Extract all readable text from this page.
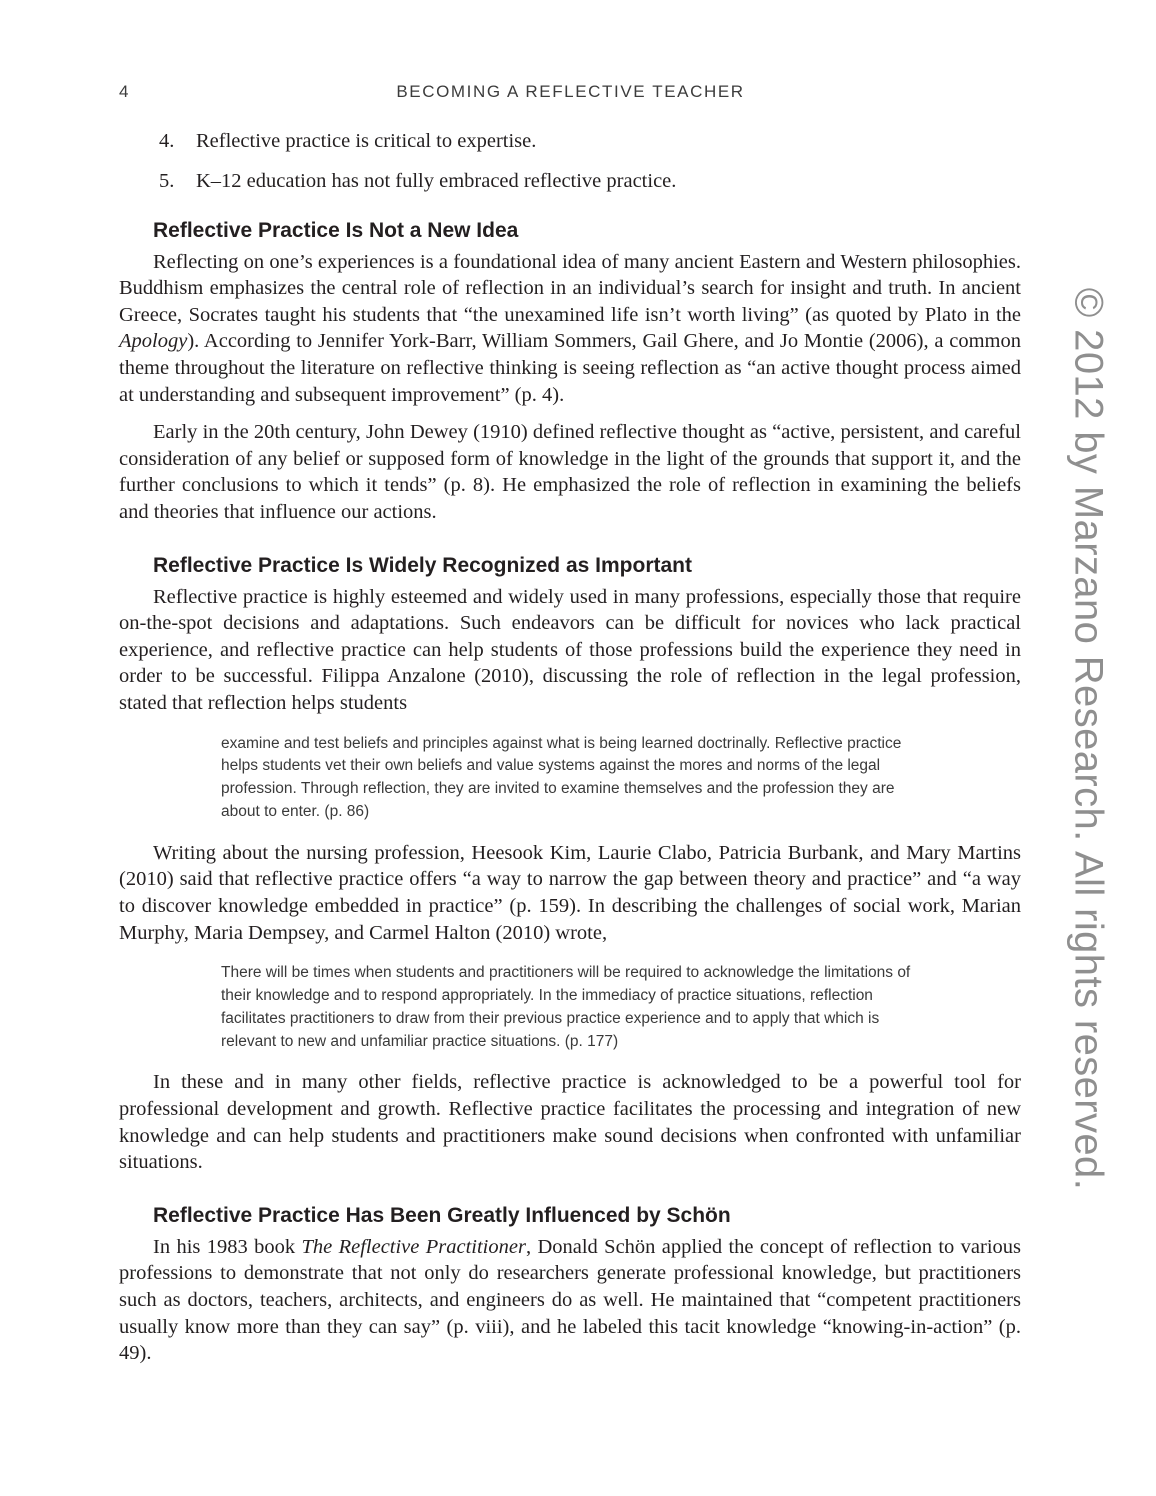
4	BECOMING A REFLECTIVE TEACHER
4.	Reflective practice is critical to expertise.
5.	K–12 education has not fully embraced reflective practice.
Reflective Practice Is Not a New Idea

Reflecting on one’s experiences is a foundational idea of many ancient Eastern and Western philosophies. Buddhism emphasizes the central role of reflection in an individual’s search for insight and truth. In ancient Greece, Socrates taught his students that “the unexamined life isn’t worth living” (as quoted by Plato in the Apology). According to Jennifer York-Barr, William Sommers, Gail Ghere, and Jo Montie (2006), a common theme throughout the literature on reflective thinking is seeing reflection as “an active thought process aimed at understanding and subsequent improvement” (p. 4).

Early in the 20th century, John Dewey (1910) defined reflective thought as “active, persistent, and careful consideration of any belief or supposed form of knowledge in the light of the grounds that support it, and the further conclusions to which it tends” (p. 8). He emphasized the role of reflection in examining the beliefs and theories that influence our actions.

Reflective Practice Is Widely Recognized as Important

Reflective practice is highly esteemed and widely used in many professions, especially those that require on-the-spot decisions and adaptations. Such endeavors can be difficult for novices who lack practical experience, and reflective practice can help students of those professions build the experience they need in order to be successful. Filippa Anzalone (2010), discussing the role of reflection in the legal profession, stated that reflection helps students

examine and test beliefs and principles against what is being learned doctrinally. Reflective practice helps students vet their own beliefs and value systems against the mores and norms of the legal profession. Through reflection, they are invited to examine themselves and the profession they are about to enter. (p. 86)

Writing about the nursing profession, Heesook Kim, Laurie Clabo, Patricia Burbank, and Mary Martins (2010) said that reflective practice offers “a way to narrow the gap between theory and practice” and “a way to discover knowledge embedded in practice” (p. 159). In describing the challenges of social work, Marian Murphy, Maria Dempsey, and Carmel Halton (2010) wrote,

There will be times when students and practitioners will be required to acknowledge the limitations of their knowledge and to respond appropriately. In the immediacy of practice situations, reflection facilitates practitioners to draw from their previous practice experience and to apply that which is relevant to new and unfamiliar practice situations. (p. 177)

In these and in many other fields, reflective practice is acknowledged to be a powerful tool for professional development and growth. Reflective practice facilitates the processing and integration of new knowledge and can help students and practitioners make sound decisions when confronted with unfamiliar situations.

Reflective Practice Has Been Greatly Influenced by Schön

In his 1983 book The Reflective Practitioner, Donald Schön applied the concept of reflection to various professions to demonstrate that not only do researchers generate professional knowledge, but practitioners such as doctors, teachers, architects, and engineers do as well. He maintained that “competent practitioners usually know more than they can say” (p. viii), and he labeled this tacit knowledge “knowing-in-action” (p. 49).

© 2012 by Marzano Research. All rights reserved.
